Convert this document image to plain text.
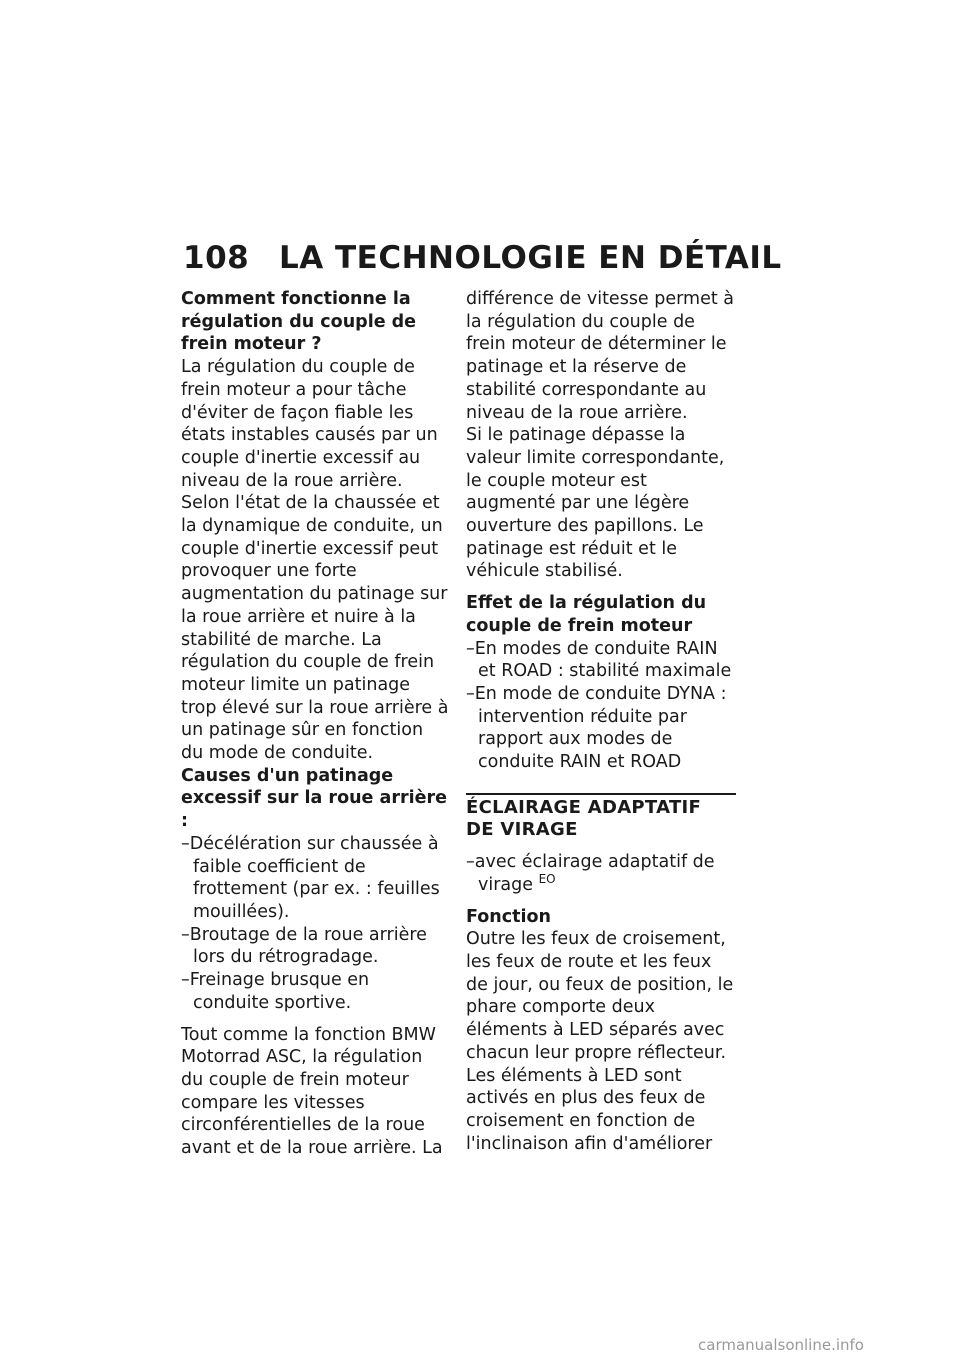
108 LA TECHNOLOGIE EN DÉTAIL

Comment fonctionne la régulation du couple de frein moteur ?

La régulation du couple de frein moteur a pour tâche d'éviter de façon fiable les états instables causés par un couple d'inertie excessif au niveau de la roue arrière. Selon l'état de la chaussée et la dynamique de conduite, un couple d'inertie excessif peut provoquer une forte augmentation du patinage sur la roue arrière et nuire à la stabilité de marche. La régulation du couple de frein moteur limite un patinage trop élevé sur la roue arrière à un patinage sûr en fonction du mode de conduite.

Causes d'un patinage excessif sur la roue arrière :

– Décélération sur chaussée à faible coefficient de frottement (par ex. : feuilles mouillées).
– Broutage de la roue arrière lors du rétrogradage.
– Freinage brusque en conduite sportive.

Tout comme la fonction BMW Motorrad ASC, la régulation du couple de frein moteur compare les vitesses circonférentielles de la roue avant et de la roue arrière. La

différence de vitesse permet à la régulation du couple de frein moteur de déterminer le patinage et la réserve de stabilité correspondante au niveau de la roue arrière.

Si le patinage dépasse la valeur limite correspondante, le couple moteur est augmenté par une légère ouverture des papillons. Le patinage est réduit et le véhicule stabilisé.

Effet de la régulation du couple de frein moteur

– En modes de conduite RAIN et ROAD : stabilité maximale
– En mode de conduite DYNA : intervention réduite par rapport aux modes de conduite RAIN et ROAD

ÉCLAIRAGE ADAPTATIF DE VIRAGE

– avec éclairage adaptatif de virage $^{EO}$

Fonction

Outre les feux de croisement, les feux de route et les feux de jour, ou feux de position, le phare comporte deux éléments à LED séparés avec chacun leur propre réflecteur. Les éléments à LED sont activés en plus des feux de croisement en fonction de l'inclinaison afin d'améliorer

carmanualsonline.info
